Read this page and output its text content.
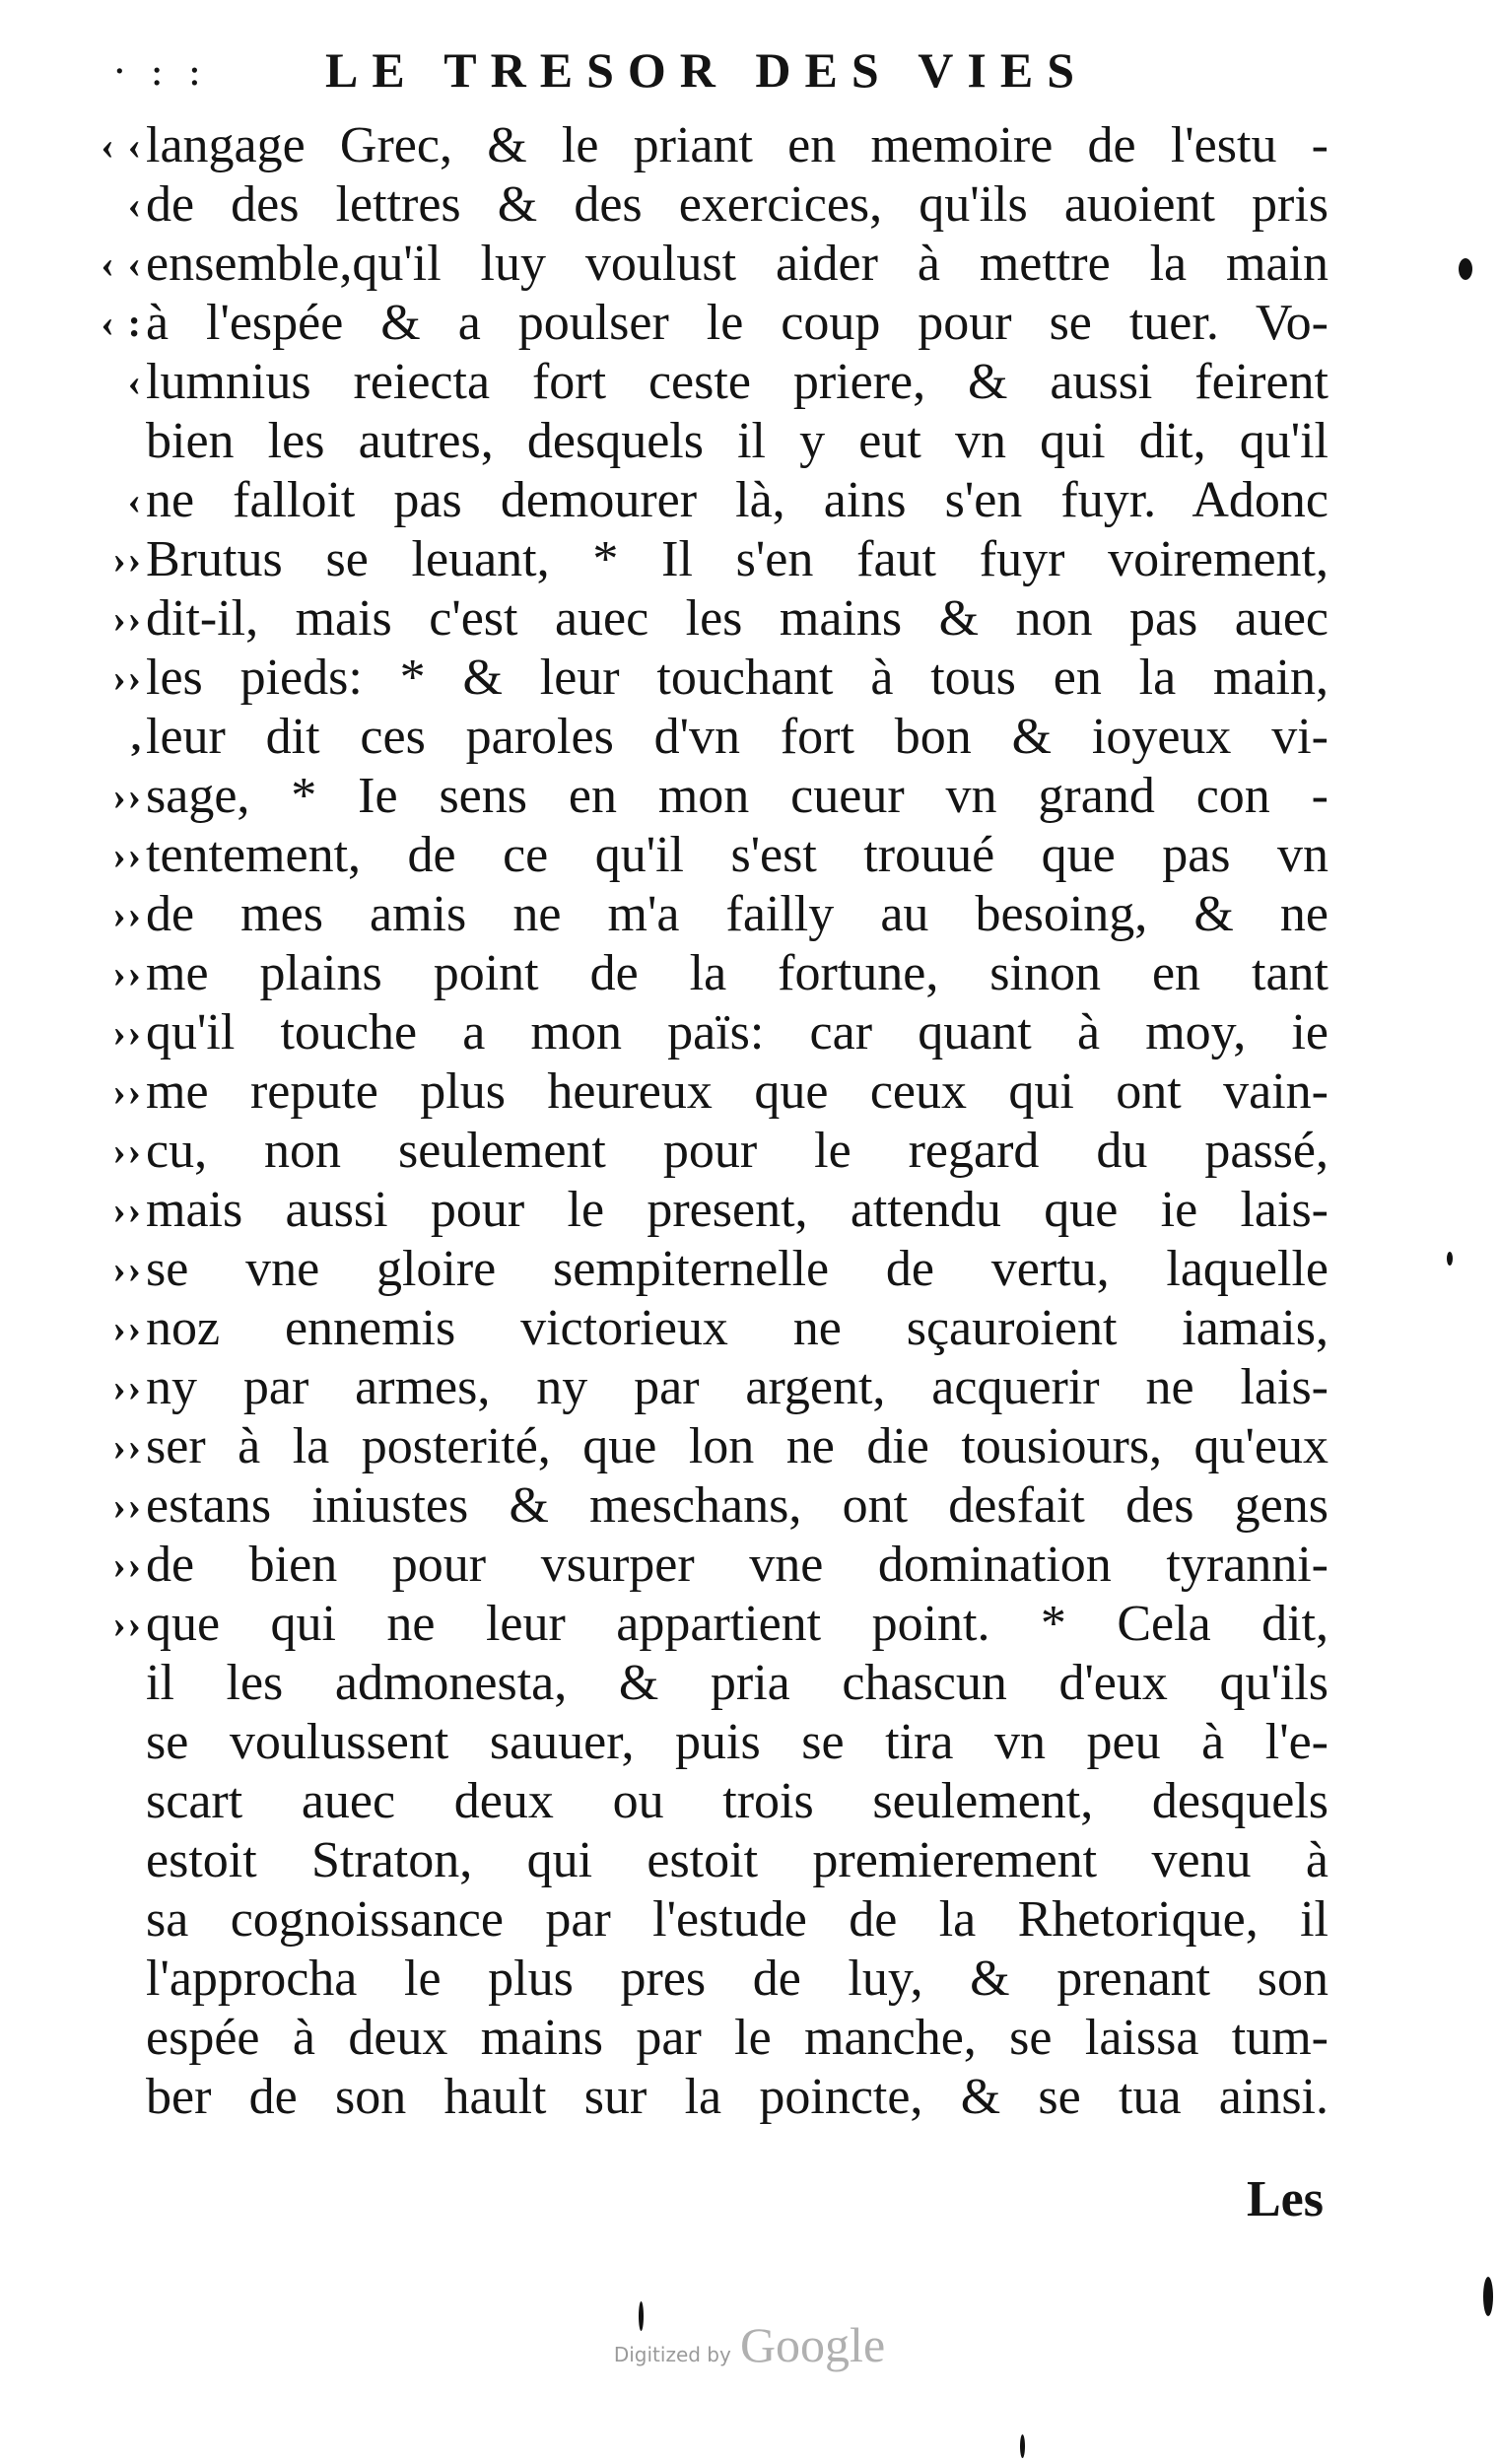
· : : LE TRESOR DES VIES
‹ ‹ langage Grec, & le priant en memoire de l'estu -
‹ de des lettres & des exercices, qu'ils auoient pris
‹ ‹ ensemble,qu'il luy voulust aider à mettre la main
‹ : à l'espée & a poulser le coup pour se tuer. Vo-
‹ lumnius reiecta fort ceste priere, & aussi feirent
bien les autres, desquels il y eut vn qui dit, qu'il
‹ ne falloit pas demourer là, ains s'en fuyr. Adonc
›› Brutus se leuant, * Il s'en faut fuyr voirement,
›› dit-il, mais c'est auec les mains & non pas auec
›› les pieds: * & leur touchant à tous en la main,
, leur dit ces paroles d'vn fort bon & ioyeux vi-
›› sage, * Ie sens en mon cueur vn grand con -
›› tentement, de ce qu'il s'est trouué que pas vn
›› de mes amis ne m'a failly au besoing, & ne
›› me plains point de la fortune, sinon en tant
›› qu'il touche a mon païs: car quant à moy, ie
›› me repute plus heureux que ceux qui ont vain-
›› cu, non seulement pour le regard du passé,
›› mais aussi pour le present, attendu que ie lais-
›› se vne gloire sempiternelle de vertu, laquelle
›› noz ennemis victorieux ne sçauroient iamais,
›› ny par armes, ny par argent, acquerir ne lais-
›› ser à la posterité, que lon ne die tousiours, qu'eux
›› estans iniustes & meschans, ont desfait des gens
›› de bien pour vsurper vne domination tyranni-
›› que qui ne leur appartient point. * Cela dit,
il les admonesta, & pria chascun d'eux qu'ils
se voulussent sauuer, puis se tira vn peu à l'e-
scart auec deux ou trois seulement, desquels
estoit Straton, qui estoit premierement venu à
sa cognoissance par l'estude de la Rhetorique, il
l'approcha le plus pres de luy, & prenant son
espée à deux mains par le manche, se laissa tum-
ber de son hault sur la poincte, & se tua ainsi.
Les
Digitized by Google
